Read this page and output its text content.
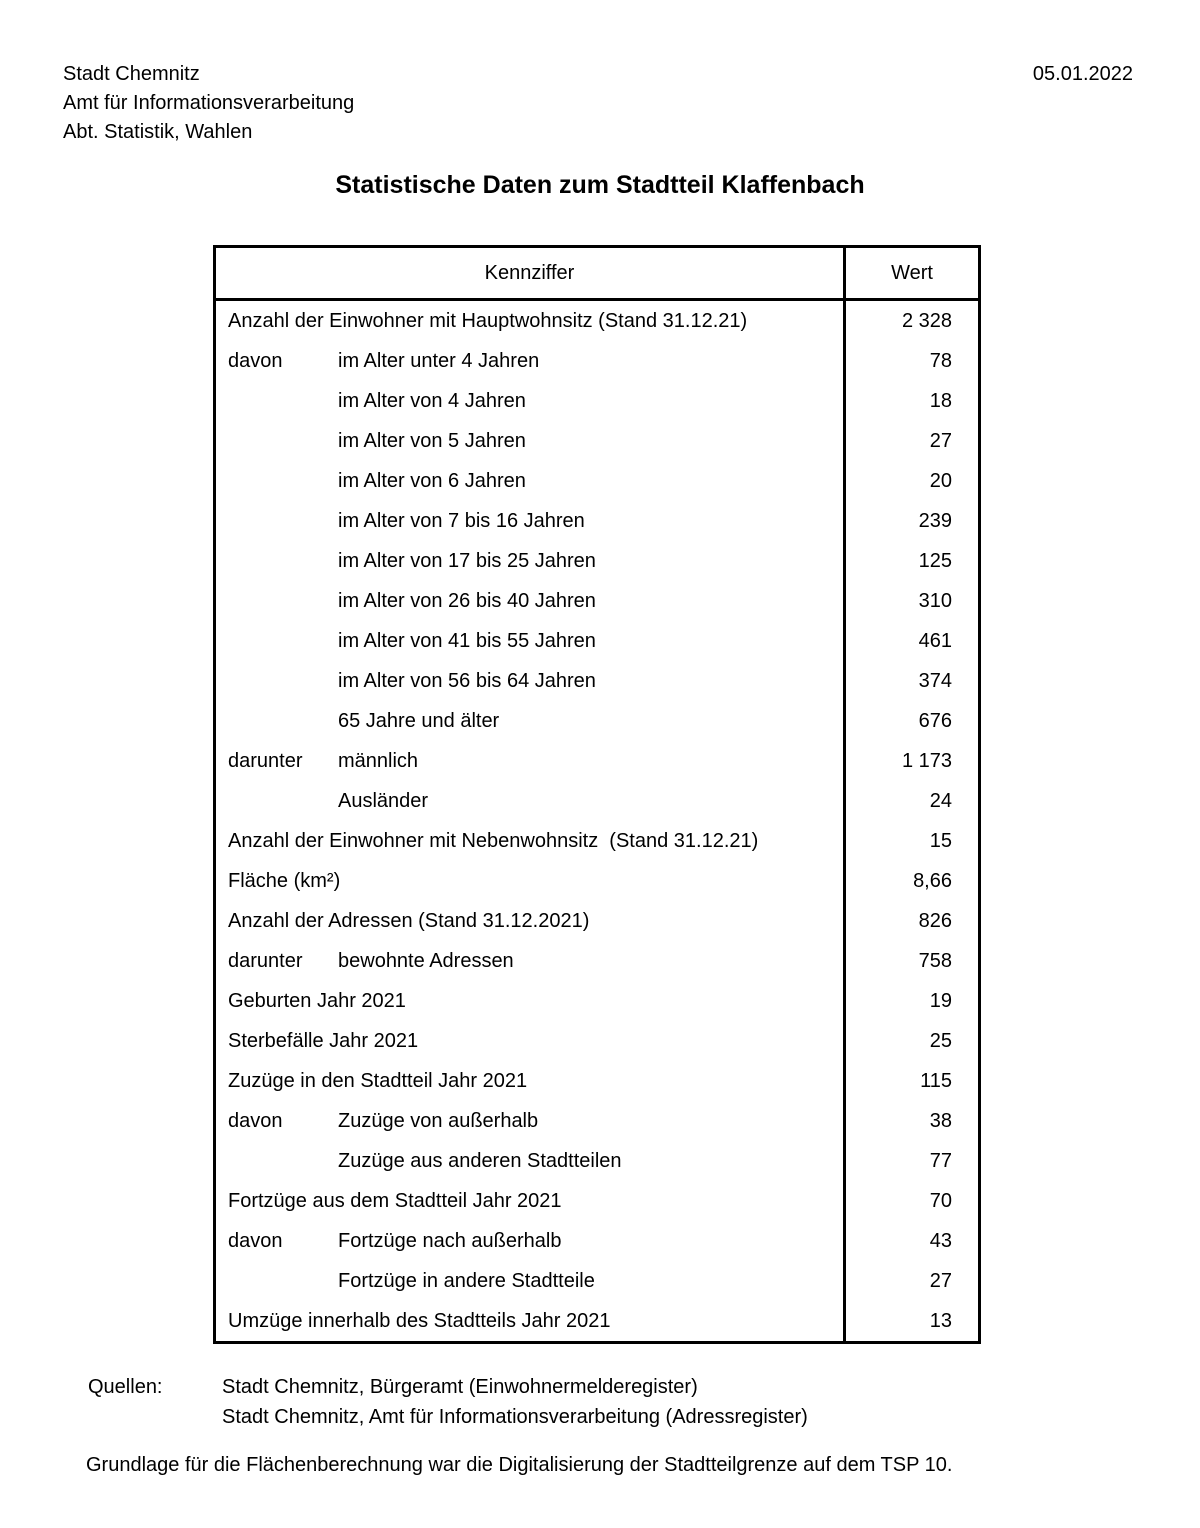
Stadt Chemnitz
Amt für Informationsverarbeitung
Abt. Statistik, Wahlen
05.01.2022
Statistische Daten zum Stadtteil Klaffenbach
Kennziffer	Wert
Anzahl der Einwohner mit Hauptwohnsitz (Stand 31.12.21)	2 328
davon	im Alter unter 4 Jahren	78
im Alter von 4 Jahren	18
im Alter von 5 Jahren	27
im Alter von 6 Jahren	20
im Alter von 7 bis 16 Jahren	239
im Alter von 17 bis 25 Jahren	125
im Alter von 26 bis 40 Jahren	310
im Alter von 41 bis 55 Jahren	461
im Alter von 56 bis 64 Jahren	374
65 Jahre und älter	676
darunter	männlich	1 173
Ausländer	24
Anzahl der Einwohner mit Nebenwohnsitz  (Stand 31.12.21)	15
Fläche (km²)	8,66
Anzahl der Adressen (Stand 31.12.2021)	826
darunter	bewohnte Adressen	758
Geburten Jahr 2021	19
Sterbefälle Jahr 2021	25
Zuzüge in den Stadtteil Jahr 2021	115
davon	Zuzüge von außerhalb	38
Zuzüge aus anderen Stadtteilen	77
Fortzüge aus dem Stadtteil Jahr 2021	70
davon	Fortzüge nach außerhalb	43
Fortzüge in andere Stadtteile	27
Umzüge innerhalb des Stadtteils Jahr 2021	13
Quellen:	Stadt Chemnitz, Bürgeramt (Einwohnermelderegister)
Stadt Chemnitz, Amt für Informationsverarbeitung (Adressregister)
Grundlage für die Flächenberechnung war die Digitalisierung der Stadtteilgrenze auf dem TSP 10.
